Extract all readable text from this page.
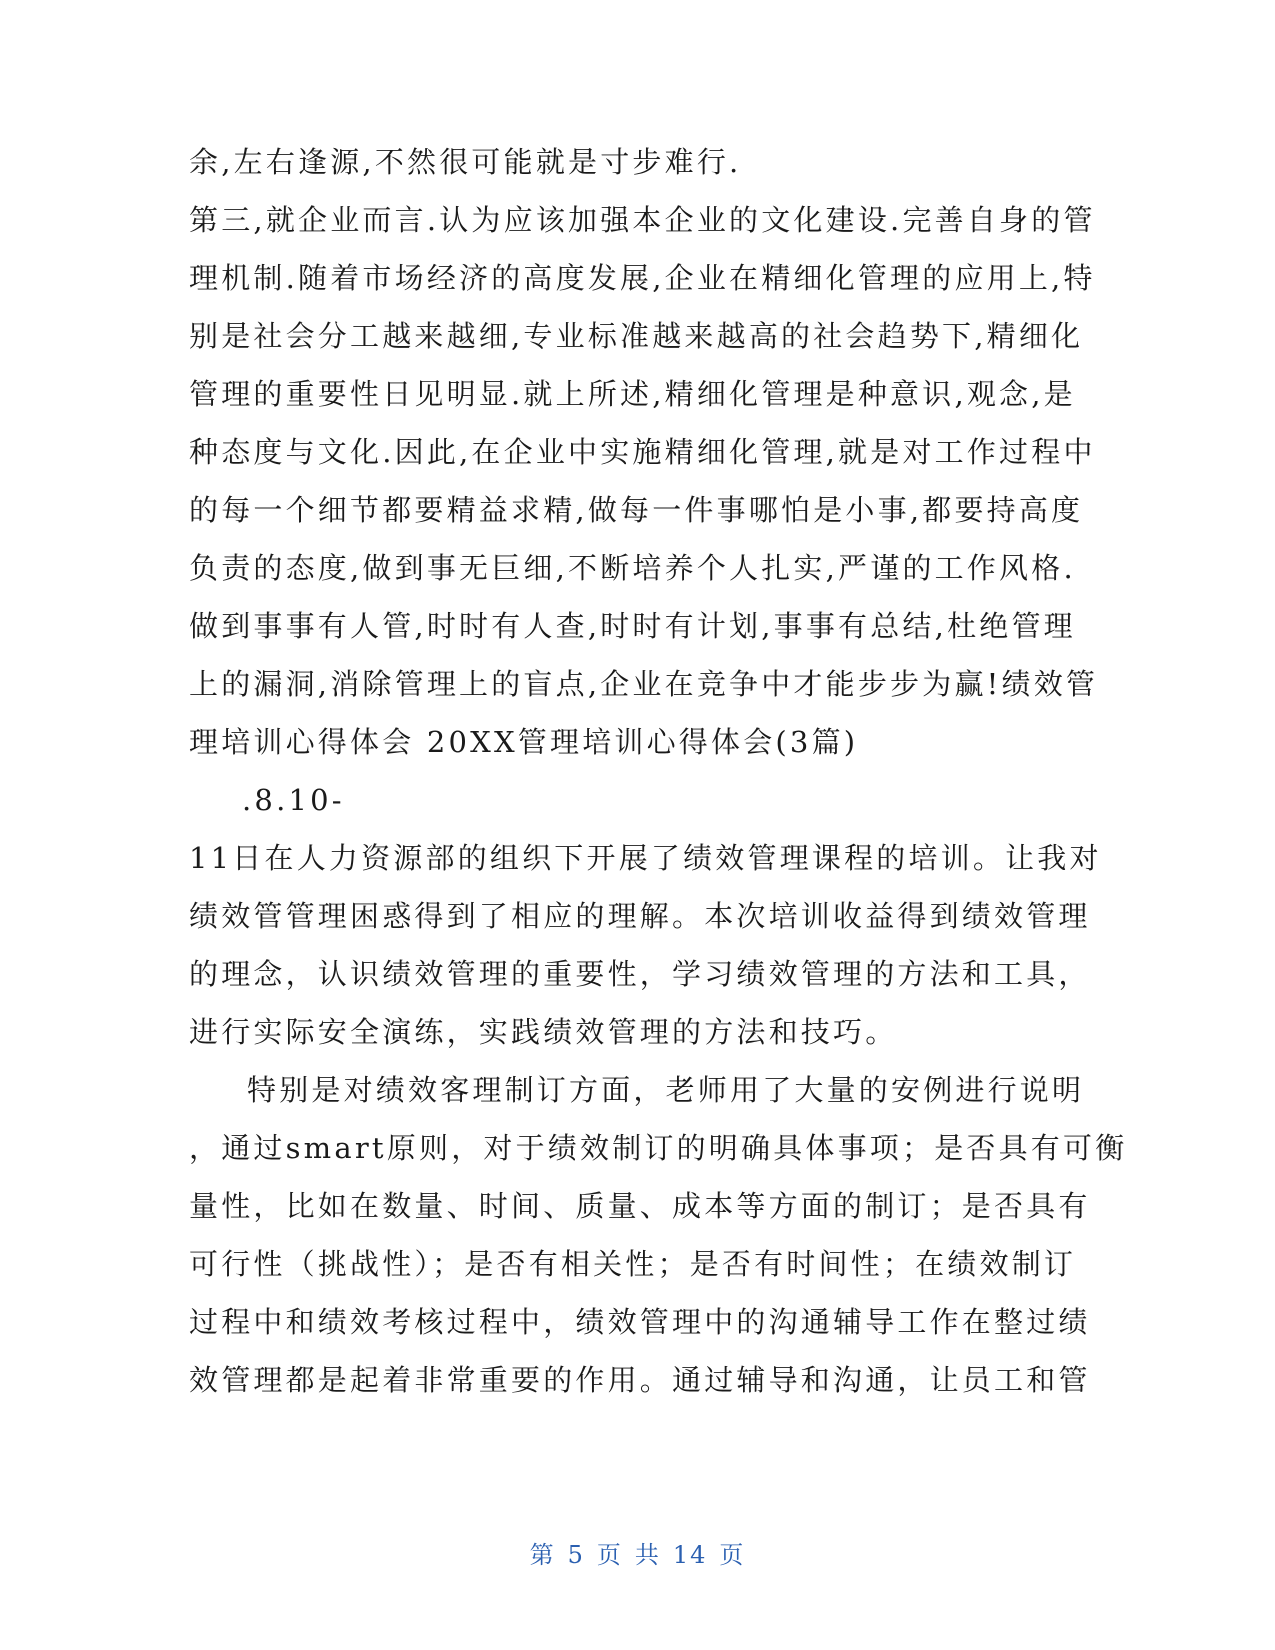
余,左右逢源,不然很可能就是寸步难行.
第三,就企业而言.认为应该加强本企业的文化建设.完善自身的管
理机制.随着市场经济的高度发展,企业在精细化管理的应用上,特
别是社会分工越来越细,专业标准越来越高的社会趋势下,精细化
管理的重要性日见明显.就上所述,精细化管理是种意识,观念,是
种态度与文化.因此,在企业中实施精细化管理,就是对工作过程中
的每一个细节都要精益求精,做每一件事哪怕是小事,都要持高度
负责的态度,做到事无巨细,不断培养个人扎实,严谨的工作风格.
做到事事有人管,时时有人查,时时有计划,事事有总结,杜绝管理
上的漏洞,消除管理上的盲点,企业在竞争中才能步步为赢!绩效管
理培训心得体会 20XX管理培训心得体会(3篇)
.8.10-
11日在人力资源部的组织下开展了绩效管理课程的培训。让我对
绩效管管理困惑得到了相应的理解。本次培训收益得到绩效管理
的理念，认识绩效管理的重要性，学习绩效管理的方法和工具，
进行实际安全演练，实践绩效管理的方法和技巧。
特别是对绩效客理制订方面，老师用了大量的安例进行说明
，通过smart原则，对于绩效制订的明确具体事项；是否具有可衡
量性，比如在数量、时间、质量、成本等方面的制订；是否具有
可行性（挑战性）；是否有相关性；是否有时间性；在绩效制订
过程中和绩效考核过程中，绩效管理中的沟通辅导工作在整过绩
效管理都是起着非常重要的作用。通过辅导和沟通，让员工和管
第 5 页 共 14 页
